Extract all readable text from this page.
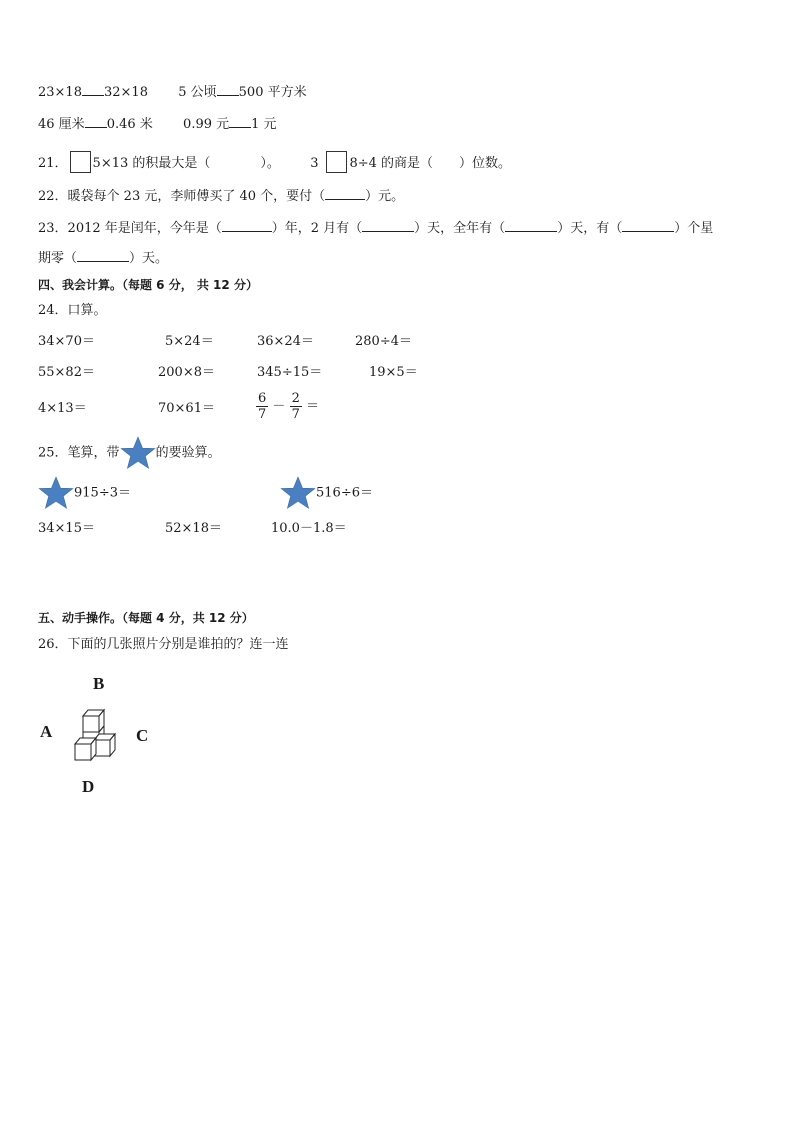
23×18 32×18 5 公顷 500 平方米
46 厘米 0.46 米 0.99 元 1 元
21． 5×13 的积最大是（	）。 3 8÷4 的商是（ ）位数。
22．暖袋每个 23 元，李师傅买了 40 个，要付（	）元。
23．2012 年是闰年，今年是（	）年，2 月有（	）天，全年有（	）天，有（	）个星
期零（	）天。
四、我会计算。（每题 6 分， 共 12 分）
24．口算。
34×70＝	5×24＝	36×24＝	280÷4＝
55×82＝	200×8＝	345÷15＝	19×5＝
4×13＝	70×61＝	$\frac{6}{7} - \frac{2}{7}$ ＝
25．笔算，带	的要验算。
915÷3＝	516÷6＝
34×15＝	52×18＝	10.0－1.8＝
五、动手操作。（每题 4 分，共 12 分）
26．下面的几张照片分别是谁拍的？连一连
B
A	C
D
